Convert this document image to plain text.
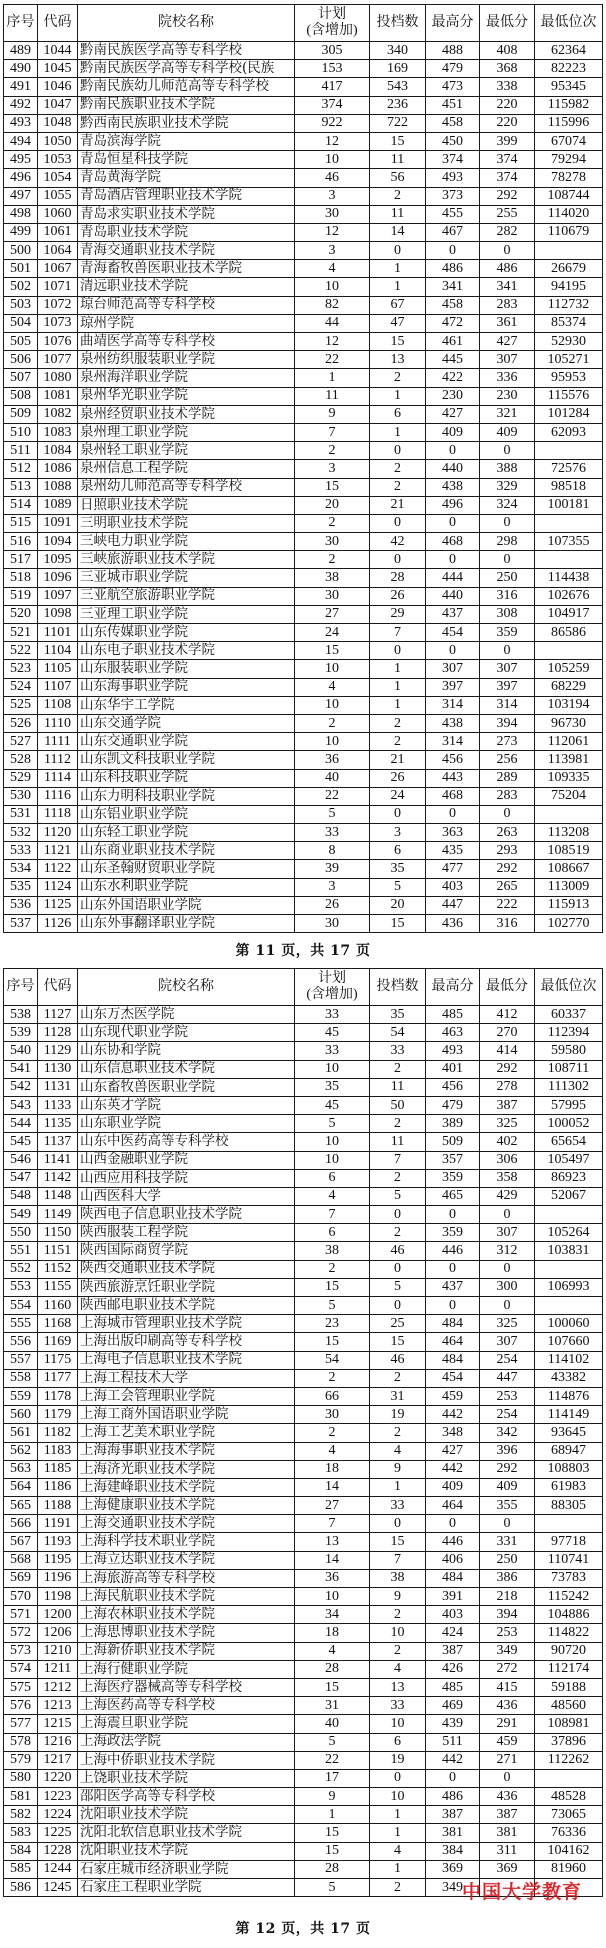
序号 代码	院校名称
计划
(含增加)
投档数 最高分 最低分 最低位次
489 1044 黔南民族医学高等专科学校	305	340	488	408	62364
490 1045 黔南民族医学高等专科学校(民族	153	169	479	368	82223
491 1046 黔南民族幼儿师范高等专科学校	417	543	473	338	95345
492 1047 黔南民族职业技术学院	374	236	451	220	115982
493 1048 黔西南民族职业技术学院	922	722	458	220	115996
494 1050 青岛滨海学院	12	15	450	399	67074
495 1053 青岛恒星科技学院	10	11	374	374	79294
496 1054 青岛黄海学院	46	56	493	374	78278
497 1055 青岛酒店管理职业技术学院	3	2	373	292	108744
498 1060 青岛求实职业技术学院	30	11	455	255	114020
499 1061 青岛职业技术学院	12	14	467	282	110679
500 1064 青海交通职业技术学院	3	0	0	0
501 1067 青海畜牧兽医职业技术学院	4	1	486	486	26679
502 1071 清远职业技术学院	10	1	341	341	94195
503 1072 琼台师范高等专科学校	82	67	458	283	112732
504 1073 琼州学院	44	47	472	361	85374
505 1076 曲靖医学高等专科学校	12	15	461	427	52930
506 1077 泉州纺织服装职业学院	22	13	445	307	105271
507 1080 泉州海洋职业学院	1	2	422	336	95953
508 1081 泉州华光职业学院	11	1	230	230	115576
509 1082 泉州经贸职业技术学院	9	6	427	321	101284
510 1083 泉州理工职业学院	7	1	409	409	62093
511 1084 泉州轻工职业学院	2	0	0	0
512 1086 泉州信息工程学院	3	2	440	388	72576
513 1088 泉州幼儿师范高等专科学校	15	2	438	329	98518
514 1089 日照职业技术学院	20	21	496	324	100181
515 1091 三明职业技术学院	2	0	0	0
516 1094 三峡电力职业学院	30	42	468	298	107355
517 1095 三峡旅游职业技术学院	2	0	0	0
518 1096 三亚城市职业学院	38	28	444	250	114438
519 1097 三亚航空旅游职业学院	30	26	440	316	102676
520 1098 三亚理工职业学院	27	29	437	308	104917
521 1101 山东传媒职业学院	24	7	454	359	86586
522 1104 山东电子职业技术学院	15	0	0	0
523 1105 山东服装职业学院	10	1	307	307	105259
524 1107 山东海事职业学院	4	1	397	397	68229
525 1108 山东华宇工学院	10	1	314	314	103194
526 1110 山东交通学院	2	2	438	394	96730
527 1111 山东交通职业学院	10	2	314	273	112061
528 1112 山东凯文科技职业学院	36	21	456	256	113981
529 1114 山东科技职业学院	40	26	443	289	109335
530 1116 山东力明科技职业学院	22	24	468	283	75204
531 1118 山东铝业职业学院	5	0	0	0
532 1120 山东轻工职业学院	33	3	363	263	113208
533 1121 山东商业职业技术学院	8	6	435	293	108519
534 1122 山东圣翰财贸职业学院	39	35	477	292	108667
535 1124 山东水利职业学院	3	5	403	265	113009
536 1125 山东外国语职业学院	26	20	447	222	115913
537 1126 山东外事翻译职业学院	30	15	436	316	102770
第 11 页，共 17 页
序号 代码	院校名称
计划
(含增加)
投档数 最高分 最低分 最低位次
538 1127 山东万杰医学院	33	35	485	412	60337
539 1128 山东现代职业学院	45	54	463	270	112394
540 1129 山东协和学院	33	33	493	414	59580
541 1130 山东信息职业技术学院	10	2	401	292	108711
542 1131 山东畜牧兽医职业学院	35	11	456	278	111302
543 1133 山东英才学院	45	50	479	387	57995
544 1135 山东职业学院	5	2	389	325	100052
545 1137 山东中医药高等专科学校	10	11	509	402	65654
546 1141 山西金融职业学院	10	7	357	306	105497
547 1142 山西应用科技学院	6	2	359	358	86923
548 1148 山西医科大学	4	5	465	429	52067
549 1149 陕西电子信息职业技术学院	7	0	0	0
550 1150 陕西服装工程学院	6	2	359	307	105264
551 1151 陕西国际商贸学院	38	46	446	312	103831
552 1152 陕西交通职业技术学院	2	0	0	0
553 1155 陕西旅游烹饪职业学院	15	5	437	300	106993
554 1160 陕西邮电职业技术学院	5	0	0	0
555 1168 上海城市管理职业技术学院	23	25	484	325	100060
556 1169 上海出版印刷高等专科学校	15	15	464	307	107660
557 1175 上海电子信息职业技术学院	54	46	484	254	114102
558 1177 上海工程技术大学	2	2	454	447	43382
559 1178 上海工会管理职业学院	66	31	459	253	114876
560 1179 上海工商外国语职业学院	30	19	442	254	114149
561 1182 上海工艺美术职业学院	2	2	348	342	93645
562 1183 上海海事职业技术学院	4	4	427	396	68947
563 1185 上海济光职业技术学院	18	9	442	292	108803
564 1186 上海建峰职业技术学院	14	1	409	409	61983
565 1188 上海健康职业技术学院	27	33	464	355	88305
566 1191 上海交通职业技术学院	7	0	0	0
567 1193 上海科学技术职业学院	13	15	446	331	97718
568 1195 上海立达职业技术学院	14	7	406	250	110741
569 1196 上海旅游高等专科学校	36	38	484	386	73783
570 1198 上海民航职业技术学院	10	9	391	218	115242
571 1200 上海农林职业技术学院	34	2	403	394	104886
572 1206 上海思博职业技术学院	18	10	424	253	114822
573 1210 上海新侨职业技术学院	4	2	387	349	90720
574 1211 上海行健职业学院	28	4	426	272	112174
575 1212 上海医疗器械高等专科学校	15	13	485	415	59188
576 1213 上海医药高等专科学校	31	33	469	436	48560
577 1215 上海震旦职业学院	40	10	439	291	108981
578 1216 上海政法学院	5	6	511	459	37896
579 1217 上海中侨职业技术学院	22	19	442	271	112262
580 1220 上饶职业技术学院	17	0	0	0
581 1223 邵阳医学高等专科学校	9	10	486	436	48528
582 1224 沈阳职业技术学院	1	1	387	387	73065
583 1225 沈阳北软信息职业技术学院	15	1	381	381	76336
584 1228 沈阳职业技术学院	15	4	384	311	104162
585 1244 石家庄城市经济职业学院	28	1	369	369	81960
586 1245 石家庄工程职业学院	5	2	349 中国大学教育
第 12 页，共 17 页
